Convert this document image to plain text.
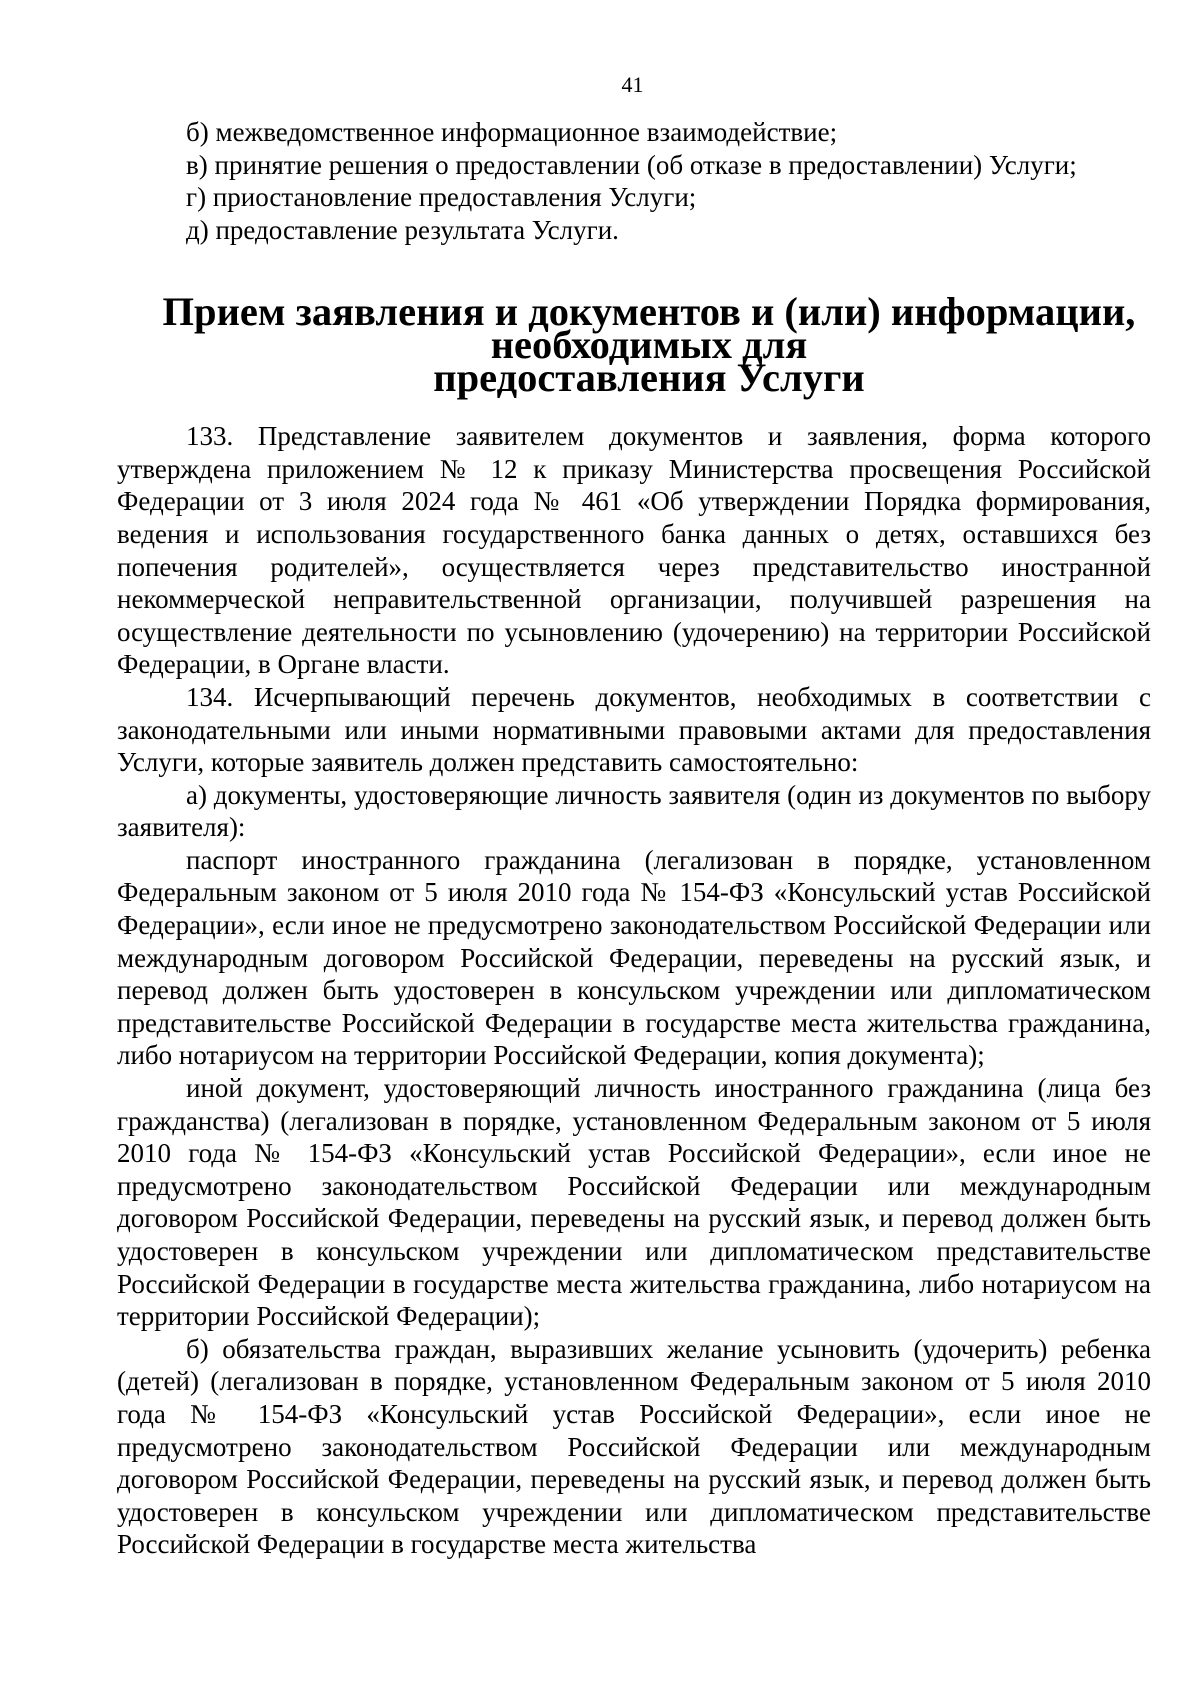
41

б) межведомственное информационное взаимодействие;

в) принятие решения о предоставлении (об отказе в предоставлении) Услуги;

г) приостановление предоставления Услуги;

д) предоставление результата Услуги.

Прием заявления и документов и (или) информации, необходимых для
предоставления Услуги

133. Представление заявителем документов и заявления, форма которого утверждена приложением № 12 к приказу Министерства просвещения Российской Федерации от 3 июля 2024 года № 461 «Об утверждении Порядка формирования, ведения и использования государственного банка данных о детях, оставшихся без попечения родителей», осуществляется через представительство иностранной некоммерческой неправительственной организации, получившей разрешения на осуществление деятельности по усыновлению (удочерению) на территории Российской Федерации, в Органе власти.

134. Исчерпывающий перечень документов, необходимых в соответствии с законодательными или иными нормативными правовыми актами для предоставления Услуги, которые заявитель должен представить самостоятельно:

а) документы, удостоверяющие личность заявителя (один из документов по выбору заявителя):

паспорт иностранного гражданина (легализован в порядке, установленном Федеральным законом от 5 июля 2010 года № 154-ФЗ «Консульский устав Российской Федерации», если иное не предусмотрено законодательством Российской Федерации или международным договором Российской Федерации, переведены на русский язык, и перевод должен быть удостоверен в консульском учреждении или дипломатическом представительстве Российской Федерации в государстве места жительства гражданина, либо нотариусом на территории Российской Федерации, копия документа);

иной документ, удостоверяющий личность иностранного гражданина (лица без гражданства) (легализован в порядке, установленном Федеральным законом от 5 июля 2010 года № 154-ФЗ «Консульский устав Российской Федерации», если иное не предусмотрено законодательством Российской Федерации или международным договором Российской Федерации, переведены на русский язык, и перевод должен быть удостоверен в консульском учреждении или дипломатическом представительстве Российской Федерации в государстве места жительства гражданина, либо нотариусом на территории Российской Федерации);

б) обязательства граждан, выразивших желание усыновить (удочерить) ребенка (детей) (легализован в порядке, установленном Федеральным законом от 5 июля 2010 года № 154-ФЗ «Консульский устав Российской Федерации», если иное не предусмотрено законодательством Российской Федерации или международным договором Российской Федерации, переведены на русский язык, и перевод должен быть удостоверен в консульском учреждении или дипломатическом представительстве Российской Федерации в государстве места жительства
